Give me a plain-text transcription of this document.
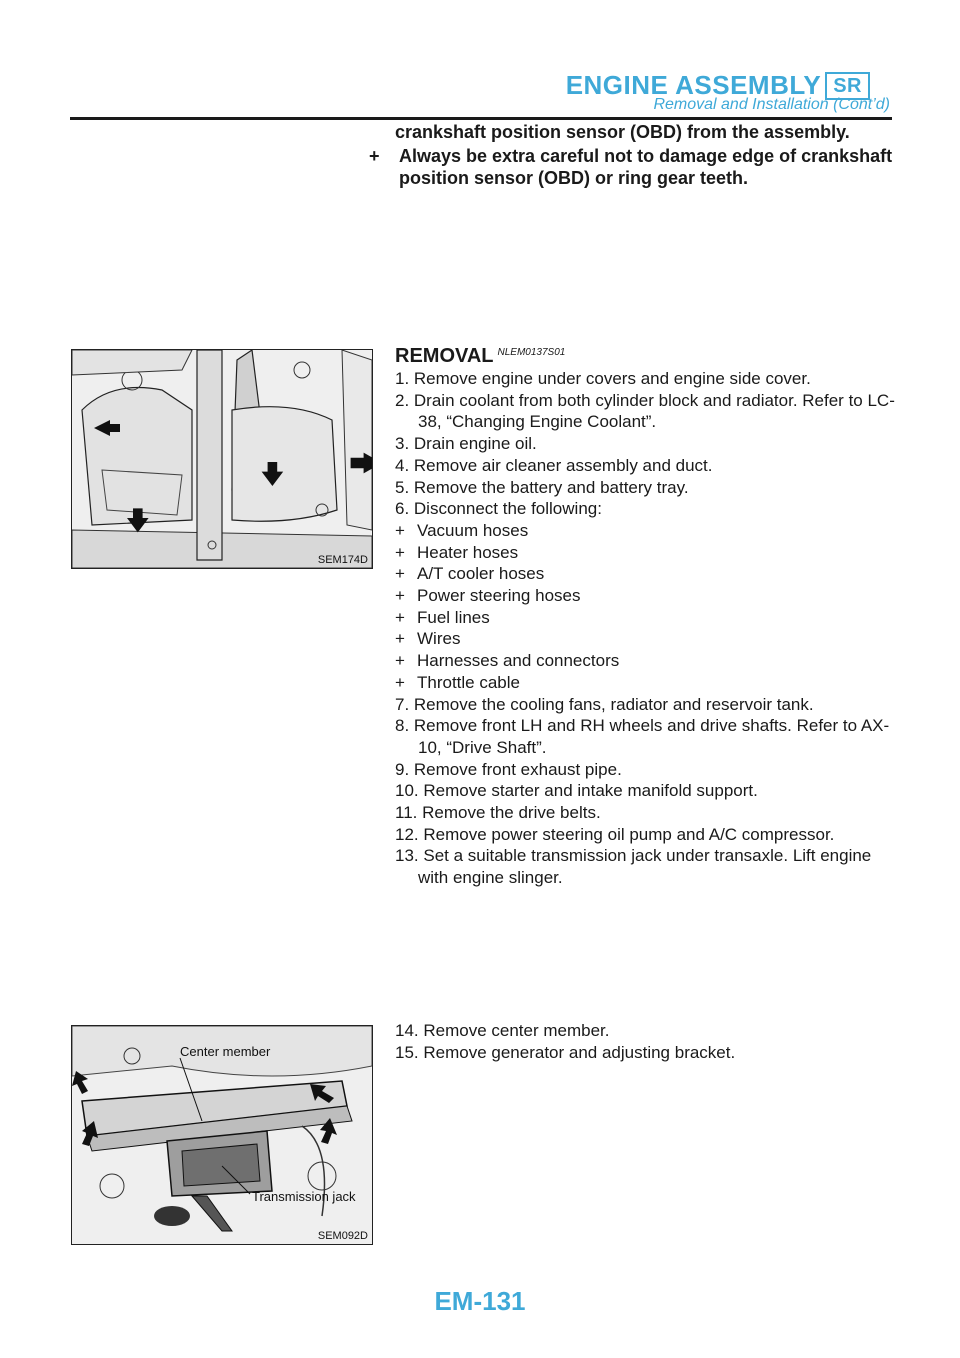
ENGINE ASSEMBLY SR
Removal and Installation (Cont’d)

crankshaft position sensor (OBD) from the assembly.

+	Always be extra careful not to damage edge of crankshaft position sensor (OBD) or ring gear teeth.
SEM174D
REMOVAL NLEM0137S01
1. Remove engine under covers and engine side cover.
2. Drain coolant from both cylinder block and radiator. Refer to LC-38, “Changing Engine Coolant”.
3. Drain engine oil.
4. Remove air cleaner assembly and duct.
5. Remove the battery and battery tray.
6. Disconnect the following:
+ Vacuum hoses
+ Heater hoses
+ A/T cooler hoses
+ Power steering hoses
+ Fuel lines
+ Wires
+ Harnesses and connectors
+ Throttle cable
7. Remove the cooling fans, radiator and reservoir tank.
8. Remove front LH and RH wheels and drive shafts. Refer to AX-10, “Drive Shaft”.
9. Remove front exhaust pipe.
10. Remove starter and intake manifold support.
11. Remove the drive belts.
12. Remove power steering oil pump and A/C compressor.
13. Set a suitable transmission jack under transaxle. Lift engine with engine slinger.
Center member
Transmission jack
SEM092D

14. Remove center member.

15. Remove generator and adjusting bracket.

EM-131
